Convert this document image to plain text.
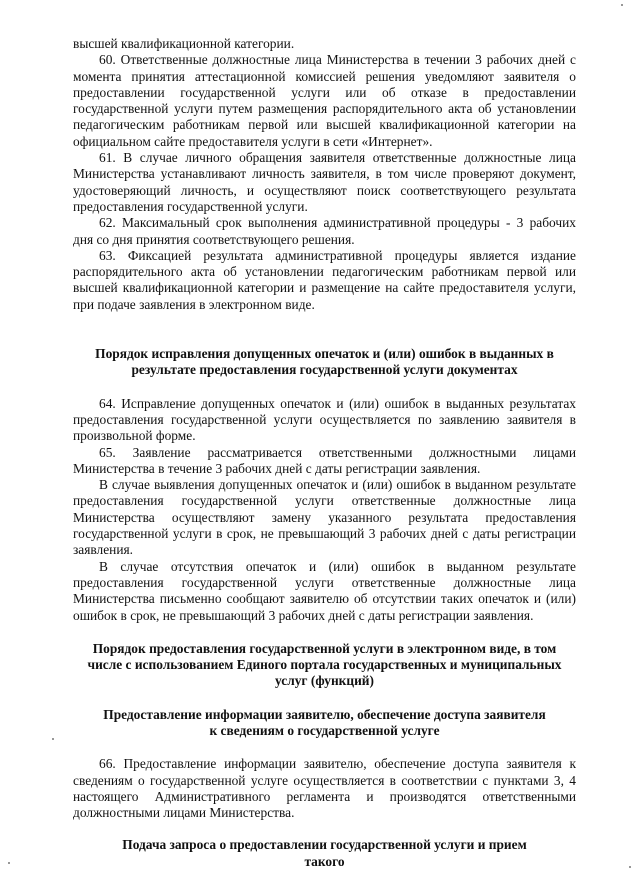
высшей квалификационной категории.

60. Ответственные должностные лица Министерства в течении 3 рабочих дней с момента принятия аттестационной комиссией решения уведомляют заявителя о предоставлении государственной услуги или об отказе в предоставлении государственной услуги путем размещения распорядительного акта об установлении педагогическим работникам первой или высшей квалификационной категории на официальном сайте предоставителя услуги в сети «Интернет».

61. В случае личного обращения заявителя ответственные должностные лица Министерства устанавливают личность заявителя, в том числе проверяют документ, удостоверяющий личность, и осуществляют поиск соответствующего результата предоставления государственной услуги.

62. Максимальный срок выполнения административной процедуры - 3 рабочих дня со дня принятия соответствующего решения.

63. Фиксацией результата административной процедуры является издание распорядительного акта об установлении педагогическим работникам первой или высшей квалификационной категории и размещение на сайте предоставителя услуги, при подаче заявления в электронном виде.

Порядок исправления допущенных опечаток и (или) ошибок в выданных в результате предоставления государственной услуги документах

64. Исправление допущенных опечаток и (или) ошибок в выданных результатах предоставления государственной услуги осуществляется по заявлению заявителя в произвольной форме.

65. Заявление рассматривается ответственными должностными лицами Министерства в течение 3 рабочих дней с даты регистрации заявления.

В случае выявления допущенных опечаток и (или) ошибок в выданном результате предоставления государственной услуги ответственные должностные лица Министерства осуществляют замену указанного результата предоставления государственной услуги в срок, не превышающий 3 рабочих дней с даты регистрации заявления.

В случае отсутствия опечаток и (или) ошибок в выданном результате предоставления государственной услуги ответственные должностные лица Министерства письменно сообщают заявителю об отсутствии таких опечаток и (или) ошибок в срок, не превышающий 3 рабочих дней с даты регистрации заявления.

Порядок предоставления государственной услуги в электронном виде, в том числе с использованием Единого портала государственных и муниципальных услуг (функций)

Предоставление информации заявителю, обеспечение доступа заявителя к сведениям о государственной услуге

66. Предоставление информации заявителю, обеспечение доступа заявителя к сведениям о государственной услуге осуществляется в соответствии с пунктами 3, 4 настоящего Административного регламента и производятся ответственными должностными лицами Министерства.

Подача запроса о предоставлении государственной услуги и прием такого
